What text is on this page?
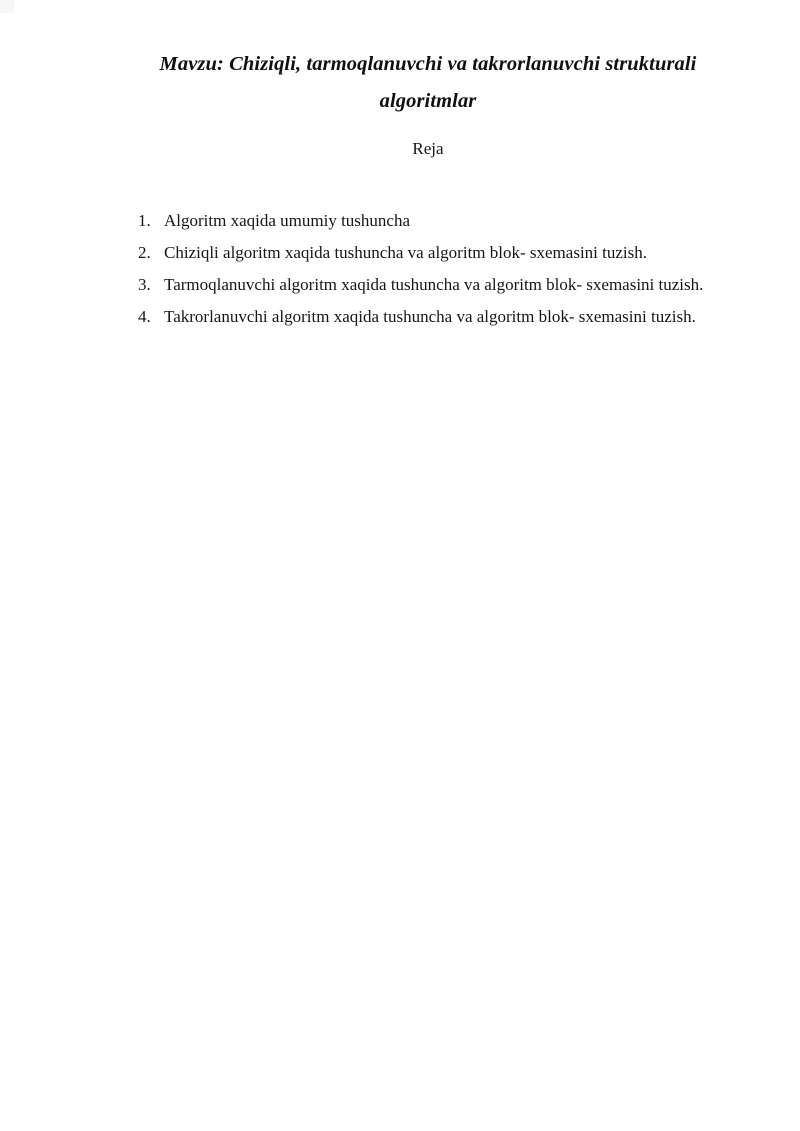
Mavzu: Chiziqli, tarmoqlanuvchi va takrorlanuvchi strukturali algoritmlar
Reja
1. Algoritm xaqida umumiy tushuncha
2. Chiziqli algoritm xaqida tushuncha va algoritm blok- sxemasini tuzish.
3. Tarmoqlanuvchi algoritm xaqida tushuncha va algoritm blok- sxemasini tuzish.
4. Takrorlanuvchi algoritm xaqida tushuncha va algoritm blok- sxemasini tuzish.
